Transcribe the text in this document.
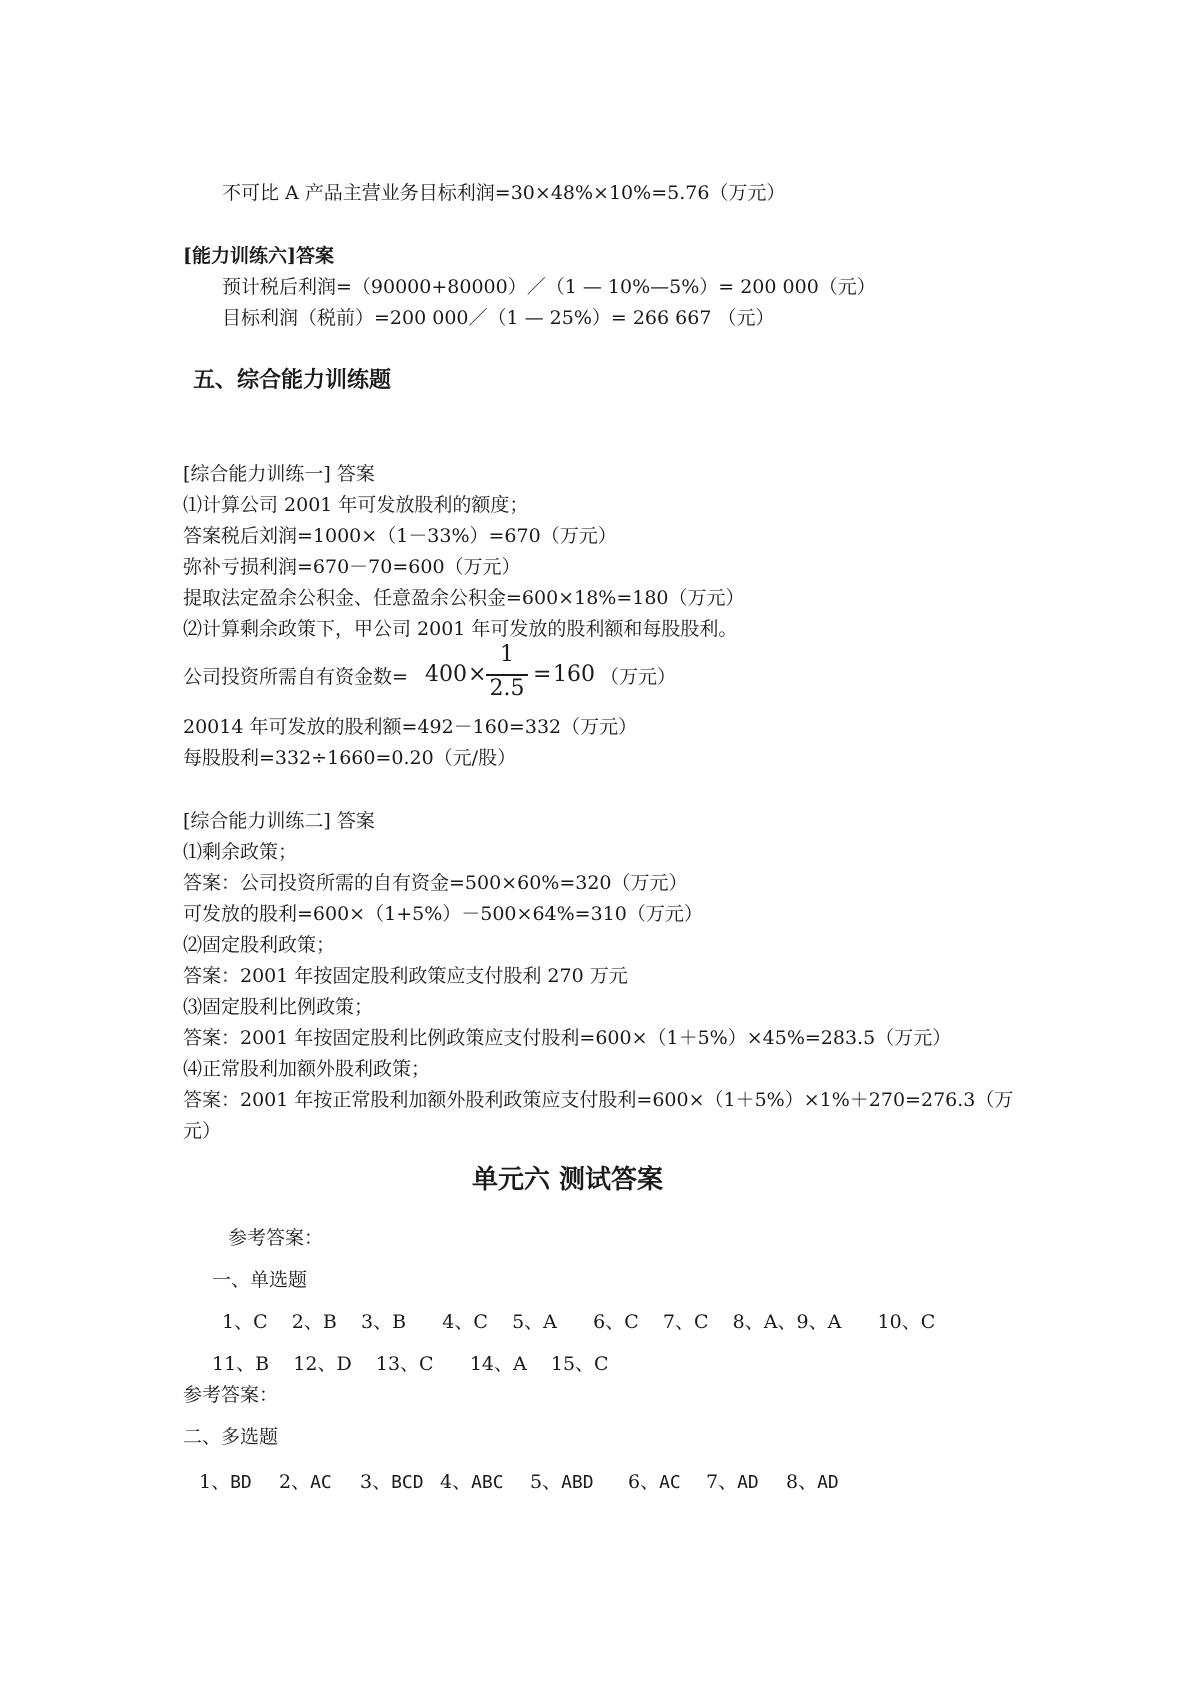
不可比 A 产品主营业务目标利润=30×48%×10%=5.76（万元）
[能力训练六]答案
预计税后利润=（90000+80000）／（1 — 10%—5%）= 200 000（元）
目标利润（税前）=200 000／（1 — 25%）= 266 667 （元）
五、综合能力训练题
[综合能力训练一] 答案
⑴计算公司 2001 年可发放股利的额度；
答案税后刘润=1000×（1－33%）=670（万元）
弥补亏损利润=670－70=600（万元）
提取法定盈余公积金、任意盈余公积金=600×18%=180（万元）
⑵计算剩余政策下，甲公司 2001 年可发放的股利额和每股股利。
公司投资所需自有资金数= 400 ×
1
2.5
= 160 （万元）
20014 年可发放的股利额=492－160=332（万元）
每股股利=332÷1660=0.20（元/股）
[综合能力训练二] 答案
⑴剩余政策；
答案：公司投资所需的自有资金=500×60%=320（万元）
可发放的股利=600×（1+5%）－500×64%=310（万元）
⑵固定股利政策；
答案：2001 年按固定股利政策应支付股利 270 万元
⑶固定股利比例政策；
答案：2001 年按固定股利比例政策应支付股利=600×（1＋5%）×45%=283.5（万元）
⑷正常股利加额外股利政策；
答案：2001 年按正常股利加额外股利政策应支付股利=600×（1＋5%）×1%＋270=276.3（万
元）
单元六 测试答案
参考答案：
一、单选题
1、C    2、B    3、B      4、C    5、A      6、C    7、C    8、A、9、A      10、C
11、B    12、D    13、C      14、A    15、C
参考答案：
二、多选题
1、BD 2、AC 3、BCD 4、ABC 5、ABD 6、AC 7、AD 8、AD
